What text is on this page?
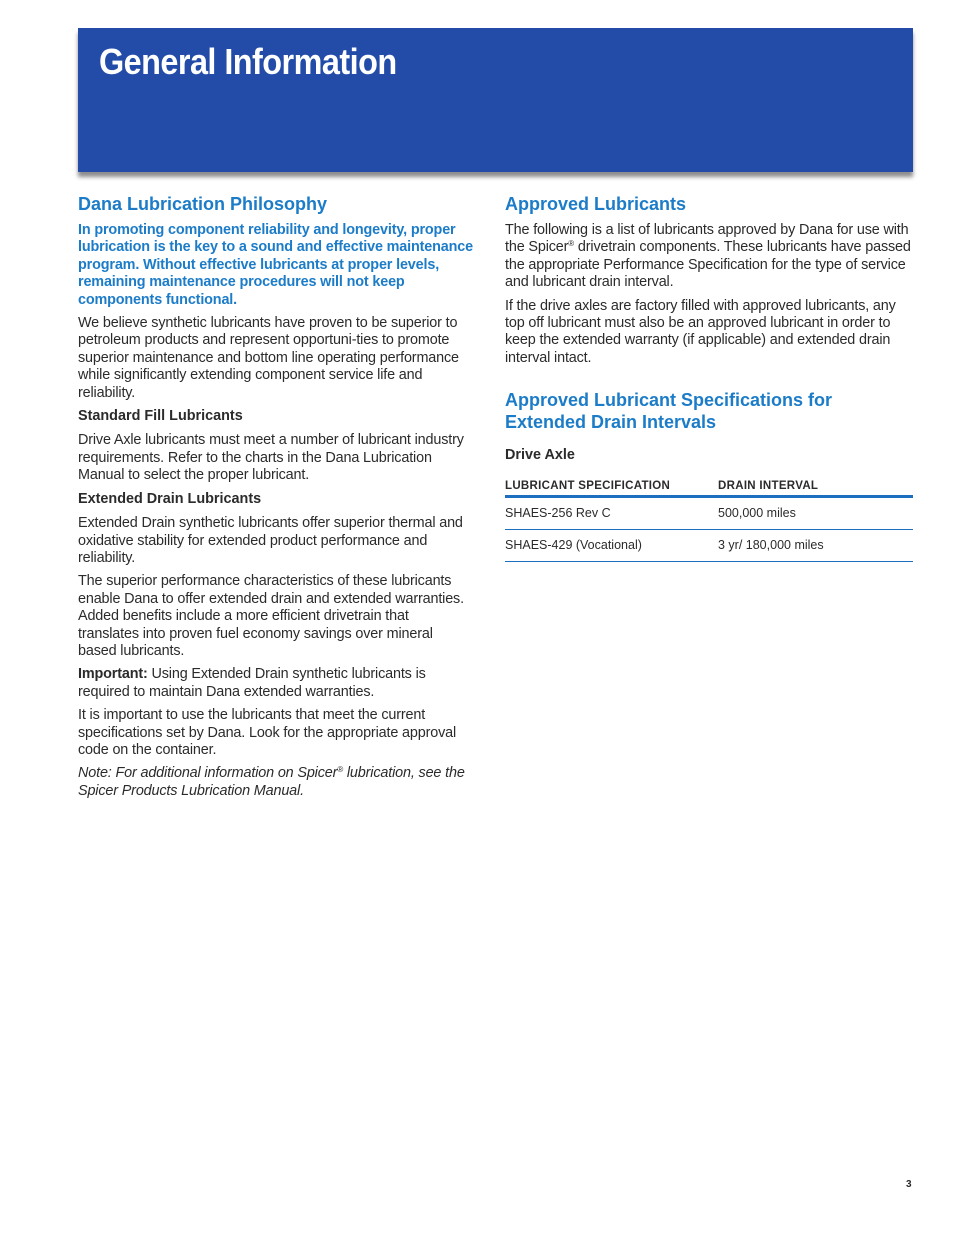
General Information
Dana Lubrication Philosophy

In promoting component reliability and longevity, proper lubrication is the key to a sound and effective maintenance program. Without effective lubricants at proper levels, remaining maintenance procedures will not keep components functional.

We believe synthetic lubricants have proven to be superior to petroleum products and represent opportuni-ties to promote superior maintenance and bottom line operating performance while significantly extending component service life and reliability.

Standard Fill Lubricants

Drive Axle lubricants must meet a number of lubricant industry requirements. Refer to the charts in the Dana Lubrication Manual to select the proper lubricant.

Extended Drain Lubricants

Extended Drain synthetic lubricants offer superior thermal and oxidative stability for extended product performance and reliability.

The superior performance characteristics of these lubricants enable Dana to offer extended drain and extended warranties. Added benefits include a more efficient drivetrain that translates into proven fuel economy savings over mineral based lubricants.

Important: Using Extended Drain synthetic lubricants is required to maintain Dana extended warranties.

It is important to use the lubricants that meet the current specifications set by Dana. Look for the appropriate approval code on the container.

Note: For additional information on Spicer® lubrication, see the Spicer Products Lubrication Manual.

Approved Lubricants

The following is a list of lubricants approved by Dana for use with the Spicer® drivetrain components. These lubricants have passed the appropriate Performance Specification for the type of service and lubricant drain interval.

If the drive axles are factory filled with approved lubricants, any top off lubricant must also be an approved lubricant in order to keep the extended warranty (if applicable) and extended drain interval intact.

Approved Lubricant Specifications for Extended Drain Intervals
Drive Axle
LUBRICANT SPECIFICATION	DRAIN INTERVAL
SHAES-256 Rev C	500,000 miles
SHAES-429 (Vocational)	3 yr/ 180,000 miles
3
